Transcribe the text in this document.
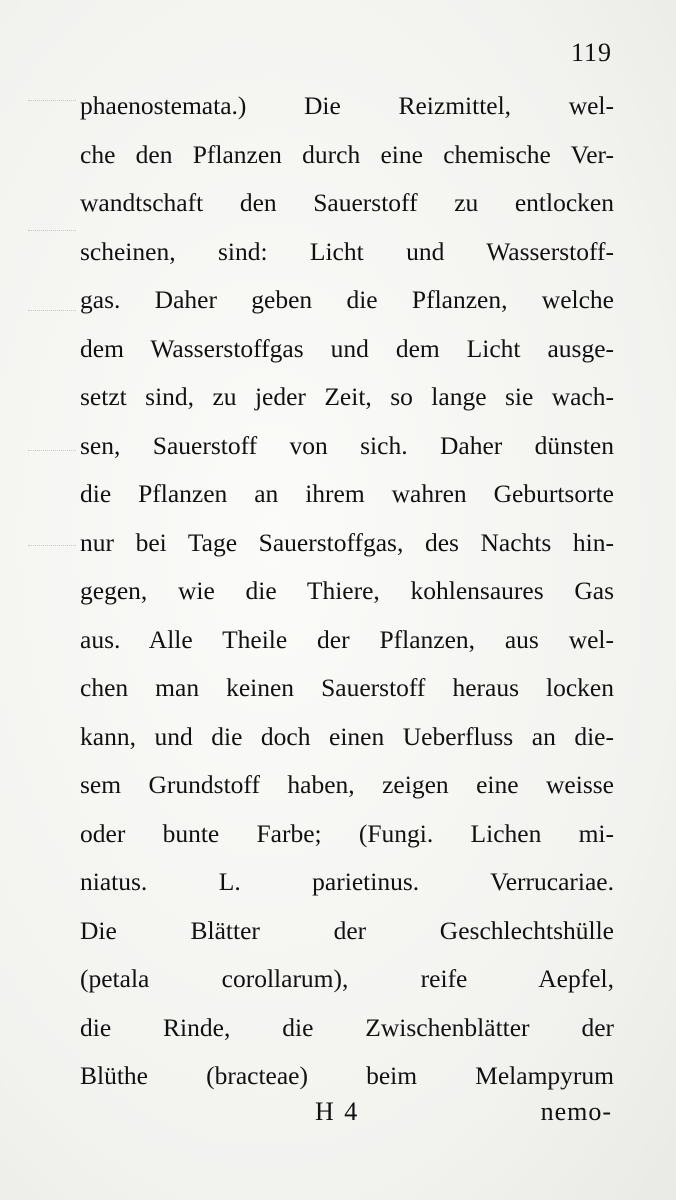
119
phaenostemata.) Die Reizmittel, wel-
che den Pflanzen durch eine chemische Ver-
wandtschaft den Sauerstoff zu entlocken
scheinen, sind: Licht und Wasserstoff-
gas. Daher geben die Pflanzen, welche
dem Wasserstoffgas und dem Licht ausge-
setzt sind, zu jeder Zeit, so lange sie wach-
sen, Sauerstoff von sich. Daher dünsten
die Pflanzen an ihrem wahren Geburtsorte
nur bei Tage Sauerstoffgas, des Nachts hin-
gegen, wie die Thiere, kohlensaures Gas
aus. Alle Theile der Pflanzen, aus wel-
chen man keinen Sauerstoff heraus locken
kann, und die doch einen Ueberfluss an die-
sem Grundstoff haben, zeigen eine weisse
oder bunte Farbe; (Fungi. Lichen mi-
niatus. L. parietinus. Verrucariae.
Die Blätter der Geschlechtshülle
(petala corollarum), reife Aepfel,
die Rinde, die Zwischenblätter der
Blüthe (bracteae) beim Melampyrum
H 4	nemo-
